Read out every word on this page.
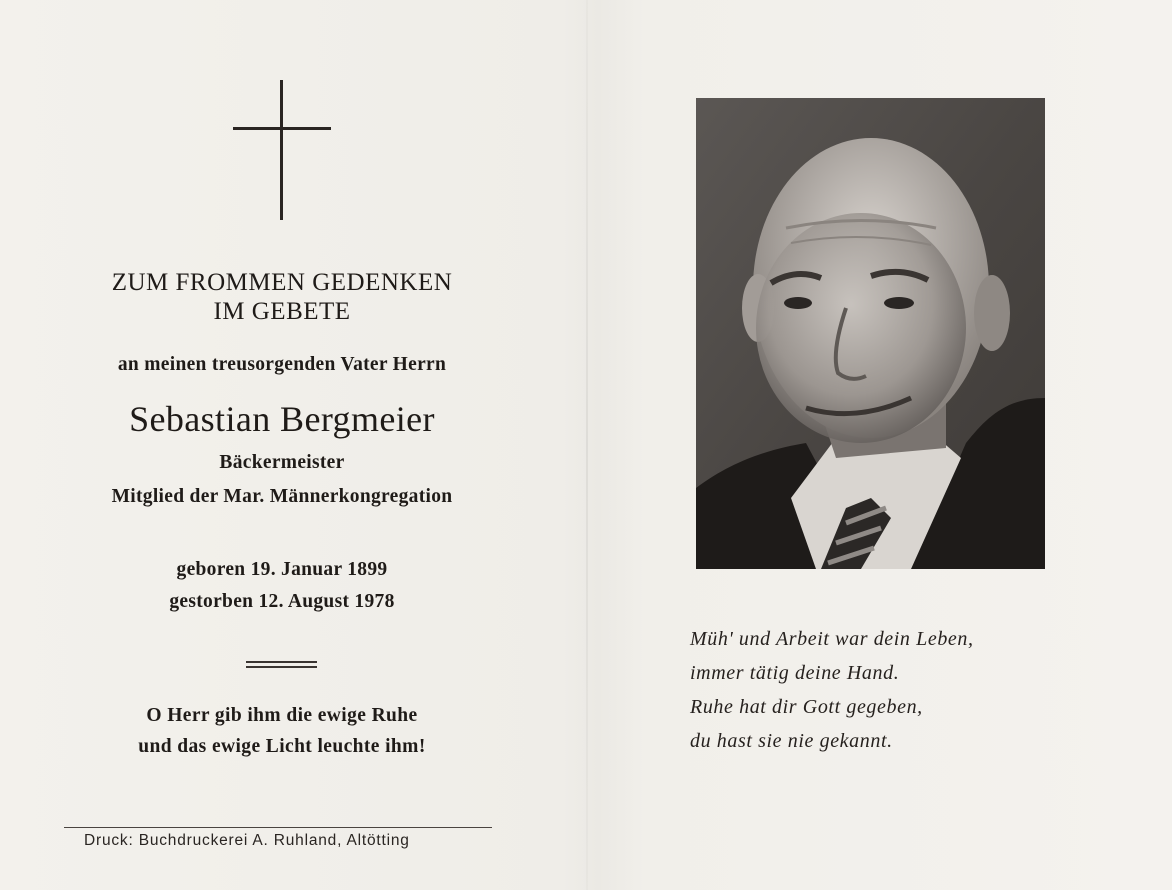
ZUM FROMMEN GEDENKEN
IM GEBETE
an meinen treusorgenden Vater Herrn
Sebastian Bergmeier
Bäckermeister
Mitglied der Mar. Männerkongregation
geboren 19. Januar 1899
gestorben 12. August 1978
O Herr gib ihm die ewige Ruhe
und das ewige Licht leuchte ihm!
Druck: Buchdruckerei A. Ruhland, Altötting
Müh' und Arbeit war dein Leben,
immer tätig deine Hand.
Ruhe hat dir Gott gegeben,
du hast sie nie gekannt.
